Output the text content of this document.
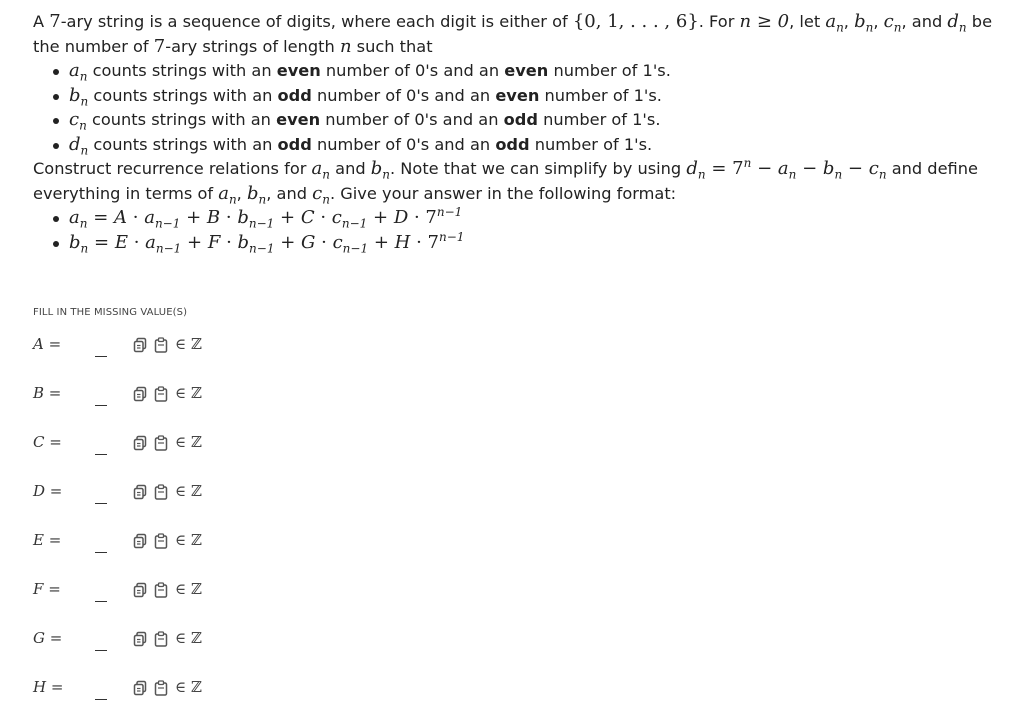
A 7-ary string is a sequence of digits, where each digit is either of {0, 1, . . . , 6}. For n ≥ 0, let $a_n$, $b_n$, $c_n$, and $d_n$ be the number of 7-ary strings of length n such that
$a_n$ counts strings with an even number of 0's and an even number of 1's.
$b_n$ counts strings with an odd number of 0's and an even number of 1's.
$c_n$ counts strings with an even number of 0's and an odd number of 1's.
$d_n$ counts strings with an odd number of 0's and an odd number of 1's.
Construct recurrence relations for $a_n$ and $b_n$. Note that we can simplify by using $d_n = 7^n - a_n - b_n - c_n$ and define everything in terms of $a_n$, $b_n$, and $c_n$. Give your answer in the following format:
$a_n = A \cdot a_{n-1} + B \cdot b_{n-1} + C \cdot c_{n-1} + D \cdot 7^{n-1}$
$b_n = E \cdot a_{n-1} + F \cdot b_{n-1} + G \cdot c_{n-1} + H \cdot 7^{n-1}$
FILL IN THE MISSING VALUE(S)
A =	∈ ℤ
B =	∈ ℤ
C =	∈ ℤ
D =	∈ ℤ
E =	∈ ℤ
F =	∈ ℤ
G =	∈ ℤ
H =	∈ ℤ
